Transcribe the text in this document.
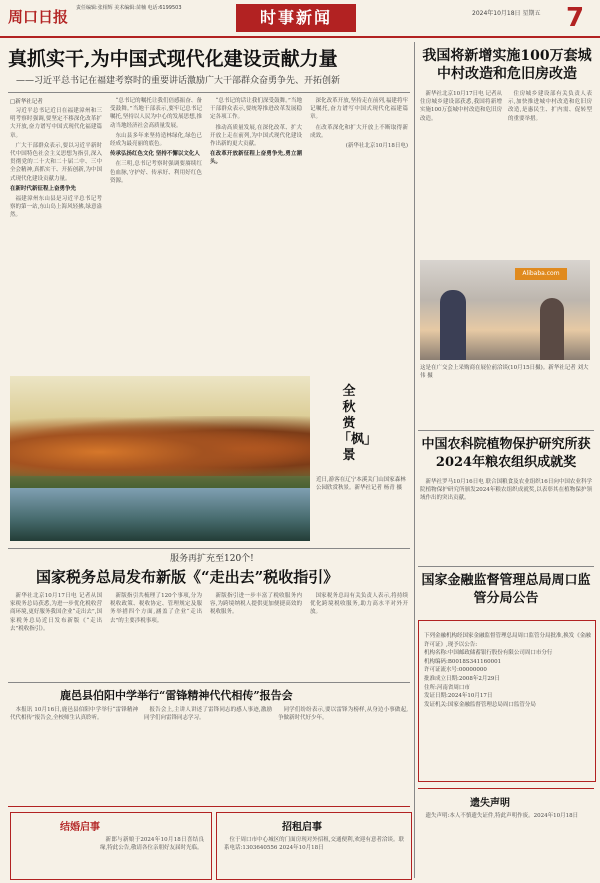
周口日报 责任编辑:张相辉 美术编辑:苗楠 电话:6199503	时事新闻	2024年10月18日 星期五 7
真抓实干,为中国式现代化建设贡献力量
——习近平总书记在福建考察时的重要讲话激励广大干部群众奋勇争先、开拓创新
□新华社记者

习近平总书记近日在福建漳州和三明考察时强调,要坚定不移深化改革扩大开放,奋力谱写中国式现代化福建篇章。

广大干部群众表示,要以习近平新时代中国特色社会主义思想为指引,深入贯彻党的二十大和二十届二中、三中全会精神,真抓实干、开拓创新,为中国式现代化建设贡献力量。

在新时代新征程上奋勇争先

福建漳州东山县是习近平总书记考察的第一站,东山岛上海风轻拂,绿意盎然。

“总书记的嘱托让我们倍感振奋、备受鼓舞。”当地干部表示,要牢记总书记嘱托,坚持以人民为中心的发展思想,推动当地经济社会高质量发展。

东山县多年来坚持造林绿化,绿色已经成为最亮丽的底色。

传承弘扬红色文化 坚持不懈以文化人

在三明,总书记考察时强调要赓续红色血脉,守护好、传承好、利用好红色资源。

“总书记的话让我们深受鼓舞。”当地干部群众表示,要统筹推进改革发展稳定各项工作。

推动高质量发展,在深化改革、扩大开放上走在前列,为中国式现代化建设作出新的更大贡献。

在改革开放新征程上奋勇争先,勇立潮头。

深化改革开放,坚持走在前列,福建将牢记嘱托,奋力谱写中国式现代化福建篇章。

在改革深化和扩大开放上不断取得新成效。

(新华社北京10月18日电)

全秋赏「枫」景
近日,游客在辽宁本溪关门山国家森林公园欣赏秋景。新华社记者 杨青 摄
服务再扩充至120个!
国家税务总局发布新版《“走出去”税收指引》

新华社北京10月17日电 记者从国家税务总局获悉,为进一步优化税收营商环境,更好服务我国企业“走出去”,国家税务总局近日发布新版《“走出去”税收指引》。

新版指引共梳理了120个事项,分为税收政策、税收协定、管理规定及服务举措四个方面,涵盖了企业“走出去”的主要涉税事项。

新版指引进一步丰富了税收服务内容,为跨境纳税人提供更加便捷高效的税收服务。

国家税务总局有关负责人表示,将持续优化跨境税收服务,助力高水平对外开放。

鹿邑县伯阳中学举行“雷锋精神代代相传”报告会

本报讯 10月16日,鹿邑县伯阳中学举行“雷锋精神代代相传”报告会,全校师生认真聆听。

报告会上,主讲人讲述了雷锋同志的感人事迹,激励同学们向雷锋同志学习。

同学们纷纷表示,要以雷锋为榜样,从身边小事做起,争做新时代好少年。

结婚启事

新郎与新娘于2024年10月18日喜结良缘,特此公告,敬请各位亲朋好友届时光临。

招租启事

位于周口市中心城区的门面房现对外招租,交通便利,欢迎有意者洽谈。联系电话:1303640556 2024年10月18日

我国将新增实施100万套城中村改造和危旧房改造

新华社北京10月17日电 记者从住房城乡建设部获悉,我国将新增实施100万套城中村改造和危旧房改造。

住房城乡建设部有关负责人表示,加快推进城中村改造和危旧房改造,是惠民生、扩内需、促转型的重要举措。

Alibaba.com
这是在广交会上采购商在展位前洽谈(10月15日摄)。新华社记者 刘大伟 摄
中国农科院植物保护研究所获2024年粮农组织成就奖

新华社罗马10月16日电 联合国粮食及农业组织16日向中国农业科学院植物保护研究所颁发2024年粮农组织成就奖,以表彰其在植物保护领域作出的突出贡献。

国家金融监督管理总局周口监管分局公告

下列金融机构经国家金融监督管理总局周口监管分局批准,换发《金融许可证》,现予以公告:

机构名称:中国邮政储蓄银行股份有限公司周口市分行

机构编码:B0018S341160001

许可证流水号:00000000

批准成立日期:2008年2月29日

住所:河南省周口市

发证日期:2024年10月17日

发证机关:国家金融监督管理总局周口监管分局

遗失声明

遗失声明:本人不慎遗失证件,特此声明作废。2024年10月18日
